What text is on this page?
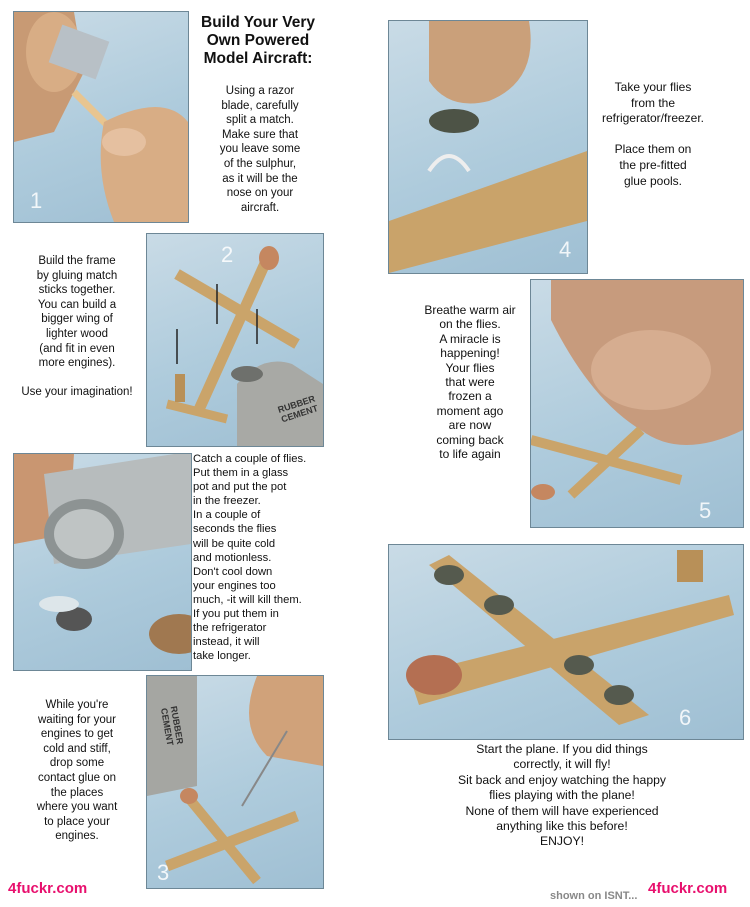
Build Your Very
Own Powered
Model Aircraft:
1
Using a razor
blade, carefully
split a match.
Make sure that
you leave some
of the sulphur,
as it will be the
nose on your
aircraft.
Build the frame
by gluing match
sticks together.
You can build a
bigger wing of
lighter wood
(and fit in even
more engines).

Use your imagination!
RUBBER
CEMENT
2
Catch a couple of flies.
Put them in a glass
pot and put the pot
in the freezer.
In a couple of
seconds the flies
will be quite cold
and motionless.
Don't cool down
your engines too
much, -it will kill them.
If you put them in
the refrigerator
instead, it will
take longer.
While you're
waiting for your
engines to get
cold and stiff,
drop some
contact glue on
the places
where you want
to place your
engines.
RUBBER
CEMENT
3
4
Take your flies
from the
refrigerator/freezer.

Place them on
the pre-fitted
glue pools.
Breathe warm air
on the flies.
A miracle is
happening!
Your flies
that were
frozen a
moment ago
are now
coming back
to life again
5
6
Start the plane. If you did things
correctly, it will fly!
Sit back and enjoy watching the happy
flies playing with the plane!
None of them will have experienced
anything like this before!
ENJOY!
4fuckr.com	shown on ISNT... 4fuckr.com
